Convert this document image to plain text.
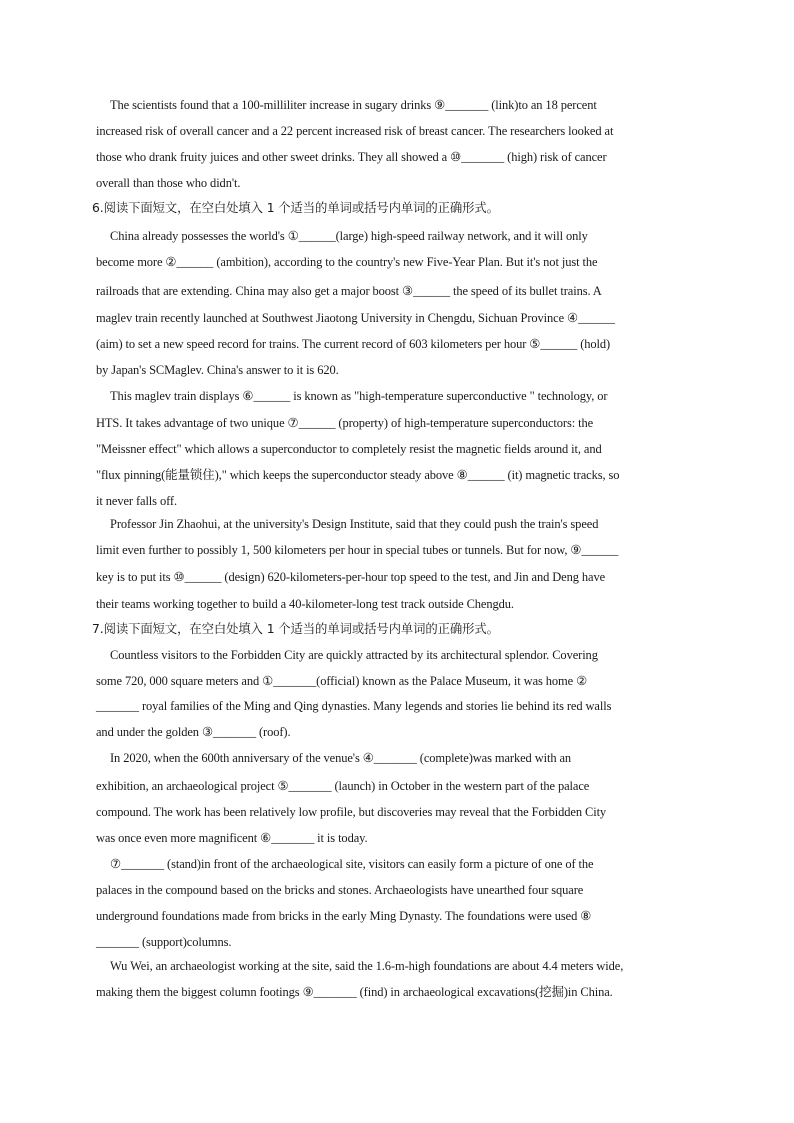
The scientists found that a 100-milliliter increase in sugary drinks ⑨_______ (link)to an 18 percent
increased risk of overall cancer and a 22 percent increased risk of breast cancer. The researchers looked at
those who drank fruity juices and other sweet drinks. They all showed a ⑩_______ (high) risk of cancer
overall than those who didn't.
6.阅读下面短文，在空白处填入 1 个适当的单词或括号内单词的正确形式。
China already possesses the world's ①______(large) high-speed railway network, and it will only
become more ②______ (ambition), according to the country's new Five-Year Plan. But it's not just the
railroads that are extending. China may also get a major boost ③______ the speed of its bullet trains. A
maglev train recently launched at Southwest Jiaotong University in Chengdu, Sichuan Province ④______
(aim) to set a new speed record for trains. The current record of 603 kilometers per hour ⑤______ (hold)
by Japan's SCMaglev. China's answer to it is 620.
This maglev train displays ⑥______ is known as "high-temperature superconductive " technology, or
HTS. It takes advantage of two unique ⑦______ (property) of high-temperature superconductors: the
"Meissner effect" which allows a superconductor to completely resist the magnetic fields around it, and
"flux pinning(能量锁住)," which keeps the superconductor steady above ⑧______ (it) magnetic tracks, so
it never falls off.
Professor Jin Zhaohui, at the university's Design Institute, said that they could push the train's speed
limit even further to possibly 1, 500 kilometers per hour in special tubes or tunnels. But for now, ⑨______
key is to put its ⑩______ (design) 620-kilometers-per-hour top speed to the test, and Jin and Deng have
their teams working together to build a 40-kilometer-long test track outside Chengdu.
7.阅读下面短文，在空白处填入 1 个适当的单词或括号内单词的正确形式。
Countless visitors to the Forbidden City are quickly attracted by its architectural splendor. Covering
some 720, 000 square meters and ①_______(official) known as the Palace Museum, it was home ②
_______ royal families of the Ming and Qing dynasties. Many legends and stories lie behind its red walls
and under the golden ③_______ (roof).
In 2020, when the 600th anniversary of the venue's ④_______ (complete)was marked with an
exhibition, an archaeological project ⑤_______ (launch) in October in the western part of the palace
compound. The work has been relatively low profile, but discoveries may reveal that the Forbidden City
was once even more magnificent ⑥_______ it is today.
⑦_______ (stand)in front of the archaeological site, visitors can easily form a picture of one of the
palaces in the compound based on the bricks and stones. Archaeologists have unearthed four square
underground foundations made from bricks in the early Ming Dynasty. The foundations were used ⑧
_______ (support)columns.
Wu Wei, an archaeologist working at the site, said the 1.6-m-high foundations are about 4.4 meters wide,
making them the biggest column footings ⑨_______ (find) in archaeological excavations(挖掘)in China.
